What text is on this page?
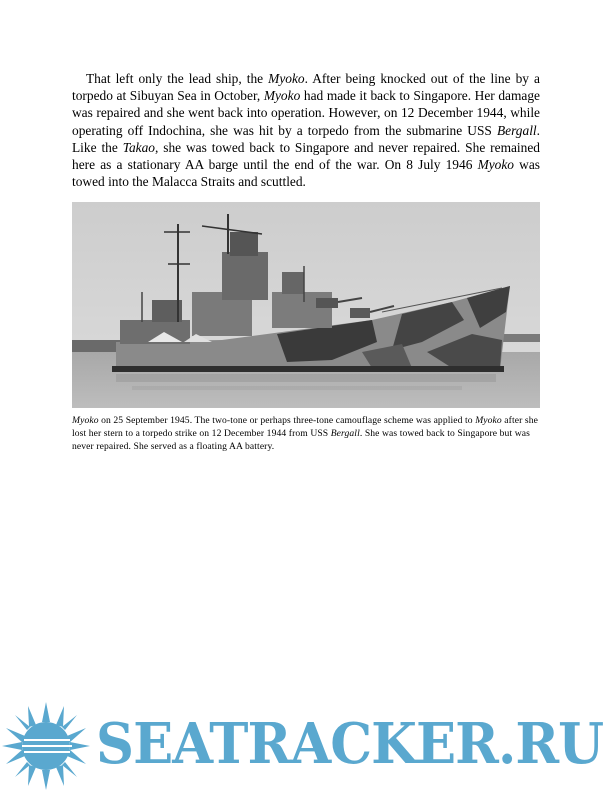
That left only the lead ship, the Myoko. After being knocked out of the line by a torpedo at Sibuyan Sea in October, Myoko had made it back to Singapore. Her damage was repaired and she went back into operation. However, on 12 December 1944, while operating off Indochina, she was hit by a torpedo from the submarine USS Bergall. Like the Takao, she was towed back to Singapore and never repaired. She remained here as a stationary AA barge until the end of the war. On 8 July 1946 Myoko was towed into the Malacca Straits and scuttled.

Myoko on 25 September 1945. The two-tone or perhaps three-tone camouflage scheme was applied to Myoko after she lost her stern to a torpedo strike on 12 December 1944 from USS Bergall. She was towed back to Singapore but was never repaired. She served as a floating AA battery.

SEATRACKER.RU
